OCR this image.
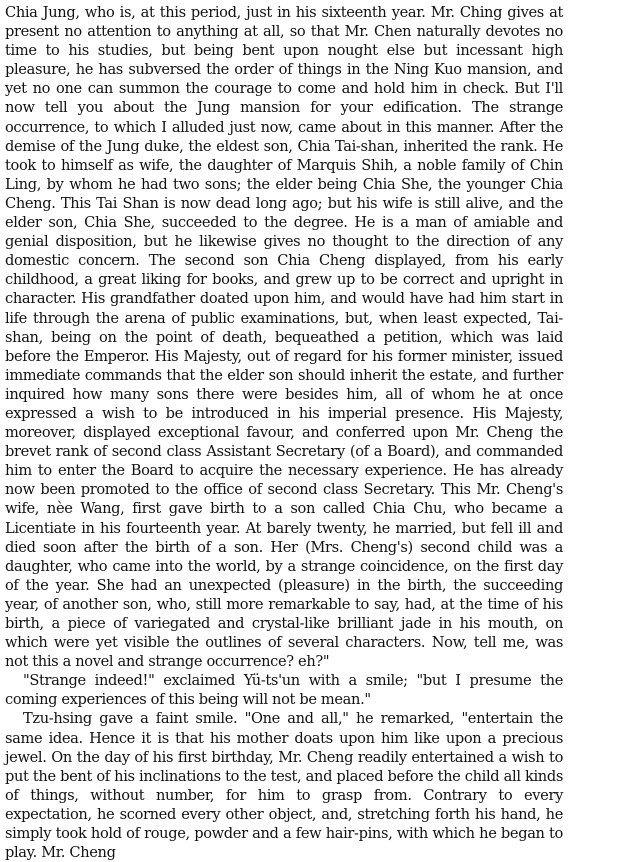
Chia Jung, who is, at this period, just in his sixteenth year. Mr. Ching gives at present no attention to anything at all, so that Mr. Chen naturally devotes no time to his studies, but being bent upon nought else but incessant high pleasure, he has subversed the order of things in the Ning Kuo mansion, and yet no one can summon the courage to come and hold him in check. But I'll now tell you about the Jung mansion for your edification. The strange occurrence, to which I alluded just now, came about in this manner. After the demise of the Jung duke, the eldest son, Chia Tai-shan, inherited the rank. He took to himself as wife, the daughter of Marquis Shih, a noble family of Chin Ling, by whom he had two sons; the elder being Chia She, the younger Chia Cheng. This Tai Shan is now dead long ago; but his wife is still alive, and the elder son, Chia She, succeeded to the degree. He is a man of amiable and genial disposition, but he likewise gives no thought to the direction of any domestic concern. The second son Chia Cheng displayed, from his early childhood, a great liking for books, and grew up to be correct and upright in character. His grandfather doated upon him, and would have had him start in life through the arena of public examinations, but, when least expected, Tai-shan, being on the point of death, bequeathed a petition, which was laid before the Emperor. His Majesty, out of regard for his former minister, issued immediate commands that the elder son should inherit the estate, and further inquired how many sons there were besides him, all of whom he at once expressed a wish to be introduced in his imperial presence. His Majesty, moreover, displayed exceptional favour, and conferred upon Mr. Cheng the brevet rank of second class Assistant Secretary (of a Board), and commanded him to enter the Board to acquire the necessary experience. He has already now been promoted to the office of second class Secretary. This Mr. Cheng's wife, nèe Wang, first gave birth to a son called Chia Chu, who became a Licentiate in his fourteenth year. At barely twenty, he married, but fell ill and died soon after the birth of a son. Her (Mrs. Cheng's) second child was a daughter, who came into the world, by a strange coincidence, on the first day of the year. She had an unexpected (pleasure) in the birth, the succeeding year, of another son, who, still more remarkable to say, had, at the time of his birth, a piece of variegated and crystal-like brilliant jade in his mouth, on which were yet visible the outlines of several characters. Now, tell me, was not this a novel and strange occurrence? eh?"

"Strange indeed!" exclaimed Yü-ts'un with a smile; "but I presume the coming experiences of this being will not be mean."

Tzu-hsing gave a faint smile. "One and all," he remarked, "entertain the same idea. Hence it is that his mother doats upon him like upon a precious jewel. On the day of his first birthday, Mr. Cheng readily entertained a wish to put the bent of his inclinations to the test, and placed before the child all kinds of things, without number, for him to grasp from. Contrary to every expectation, he scorned every other object, and, stretching forth his hand, he simply took hold of rouge, powder and a few hair-pins, with which he began to play. Mr. Cheng
